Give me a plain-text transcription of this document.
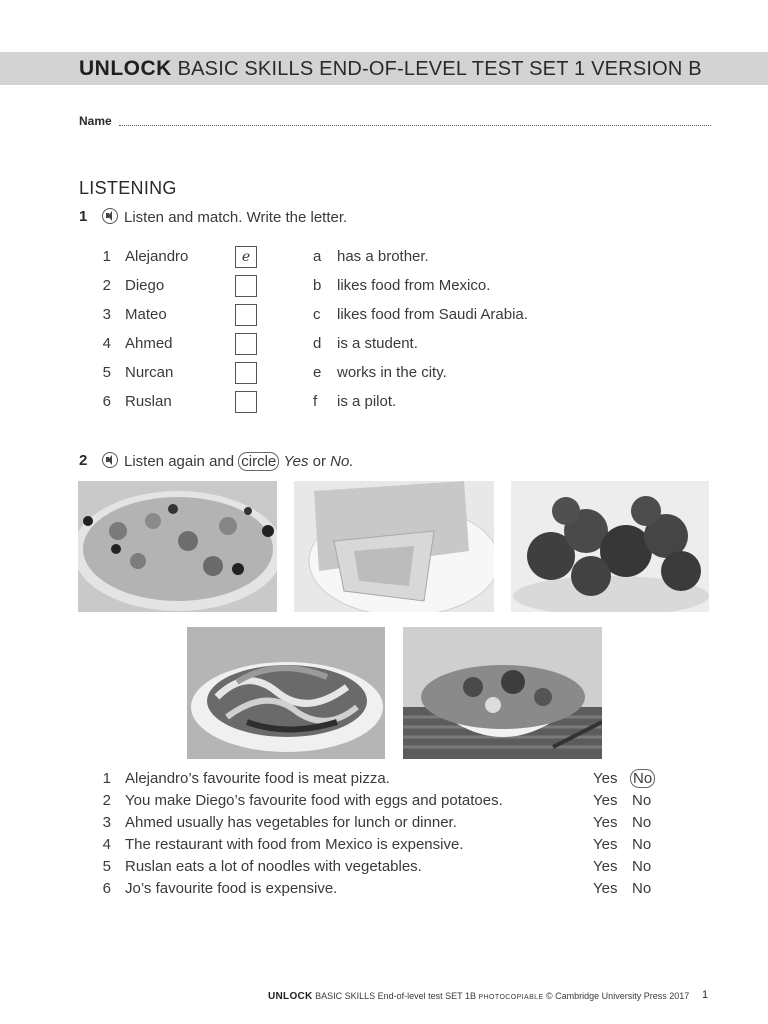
UNLOCK BASIC SKILLS END-OF-LEVEL TEST SET 1 VERSION B
Name
LISTENING
1	Listen and match. Write the letter.
1 Alejandro	e	a has a brother.
2 Diego	b likes food from Mexico.
3 Mateo	c likes food from Saudi Arabia.
4 Ahmed	d is a student.
5 Nurcan	e works in the city.
6 Ruslan	f is a pilot.
2	Listen again and circle Yes or No.
1 Alejandro’s favourite food is meat pizza.	Yes No
2 You make Diego’s favourite food with eggs and potatoes.	Yes No
3 Ahmed usually has vegetables for lunch or dinner.	Yes No
4 The restaurant with food from Mexico is expensive.	Yes No
5 Ruslan eats a lot of noodles with vegetables.	Yes No
6 Jo’s favourite food is expensive.	Yes No
UNLOCK BASIC SKILLS End-of-level test SET 1B PHOTOCOPIABLE © Cambridge University Press 2017 1
